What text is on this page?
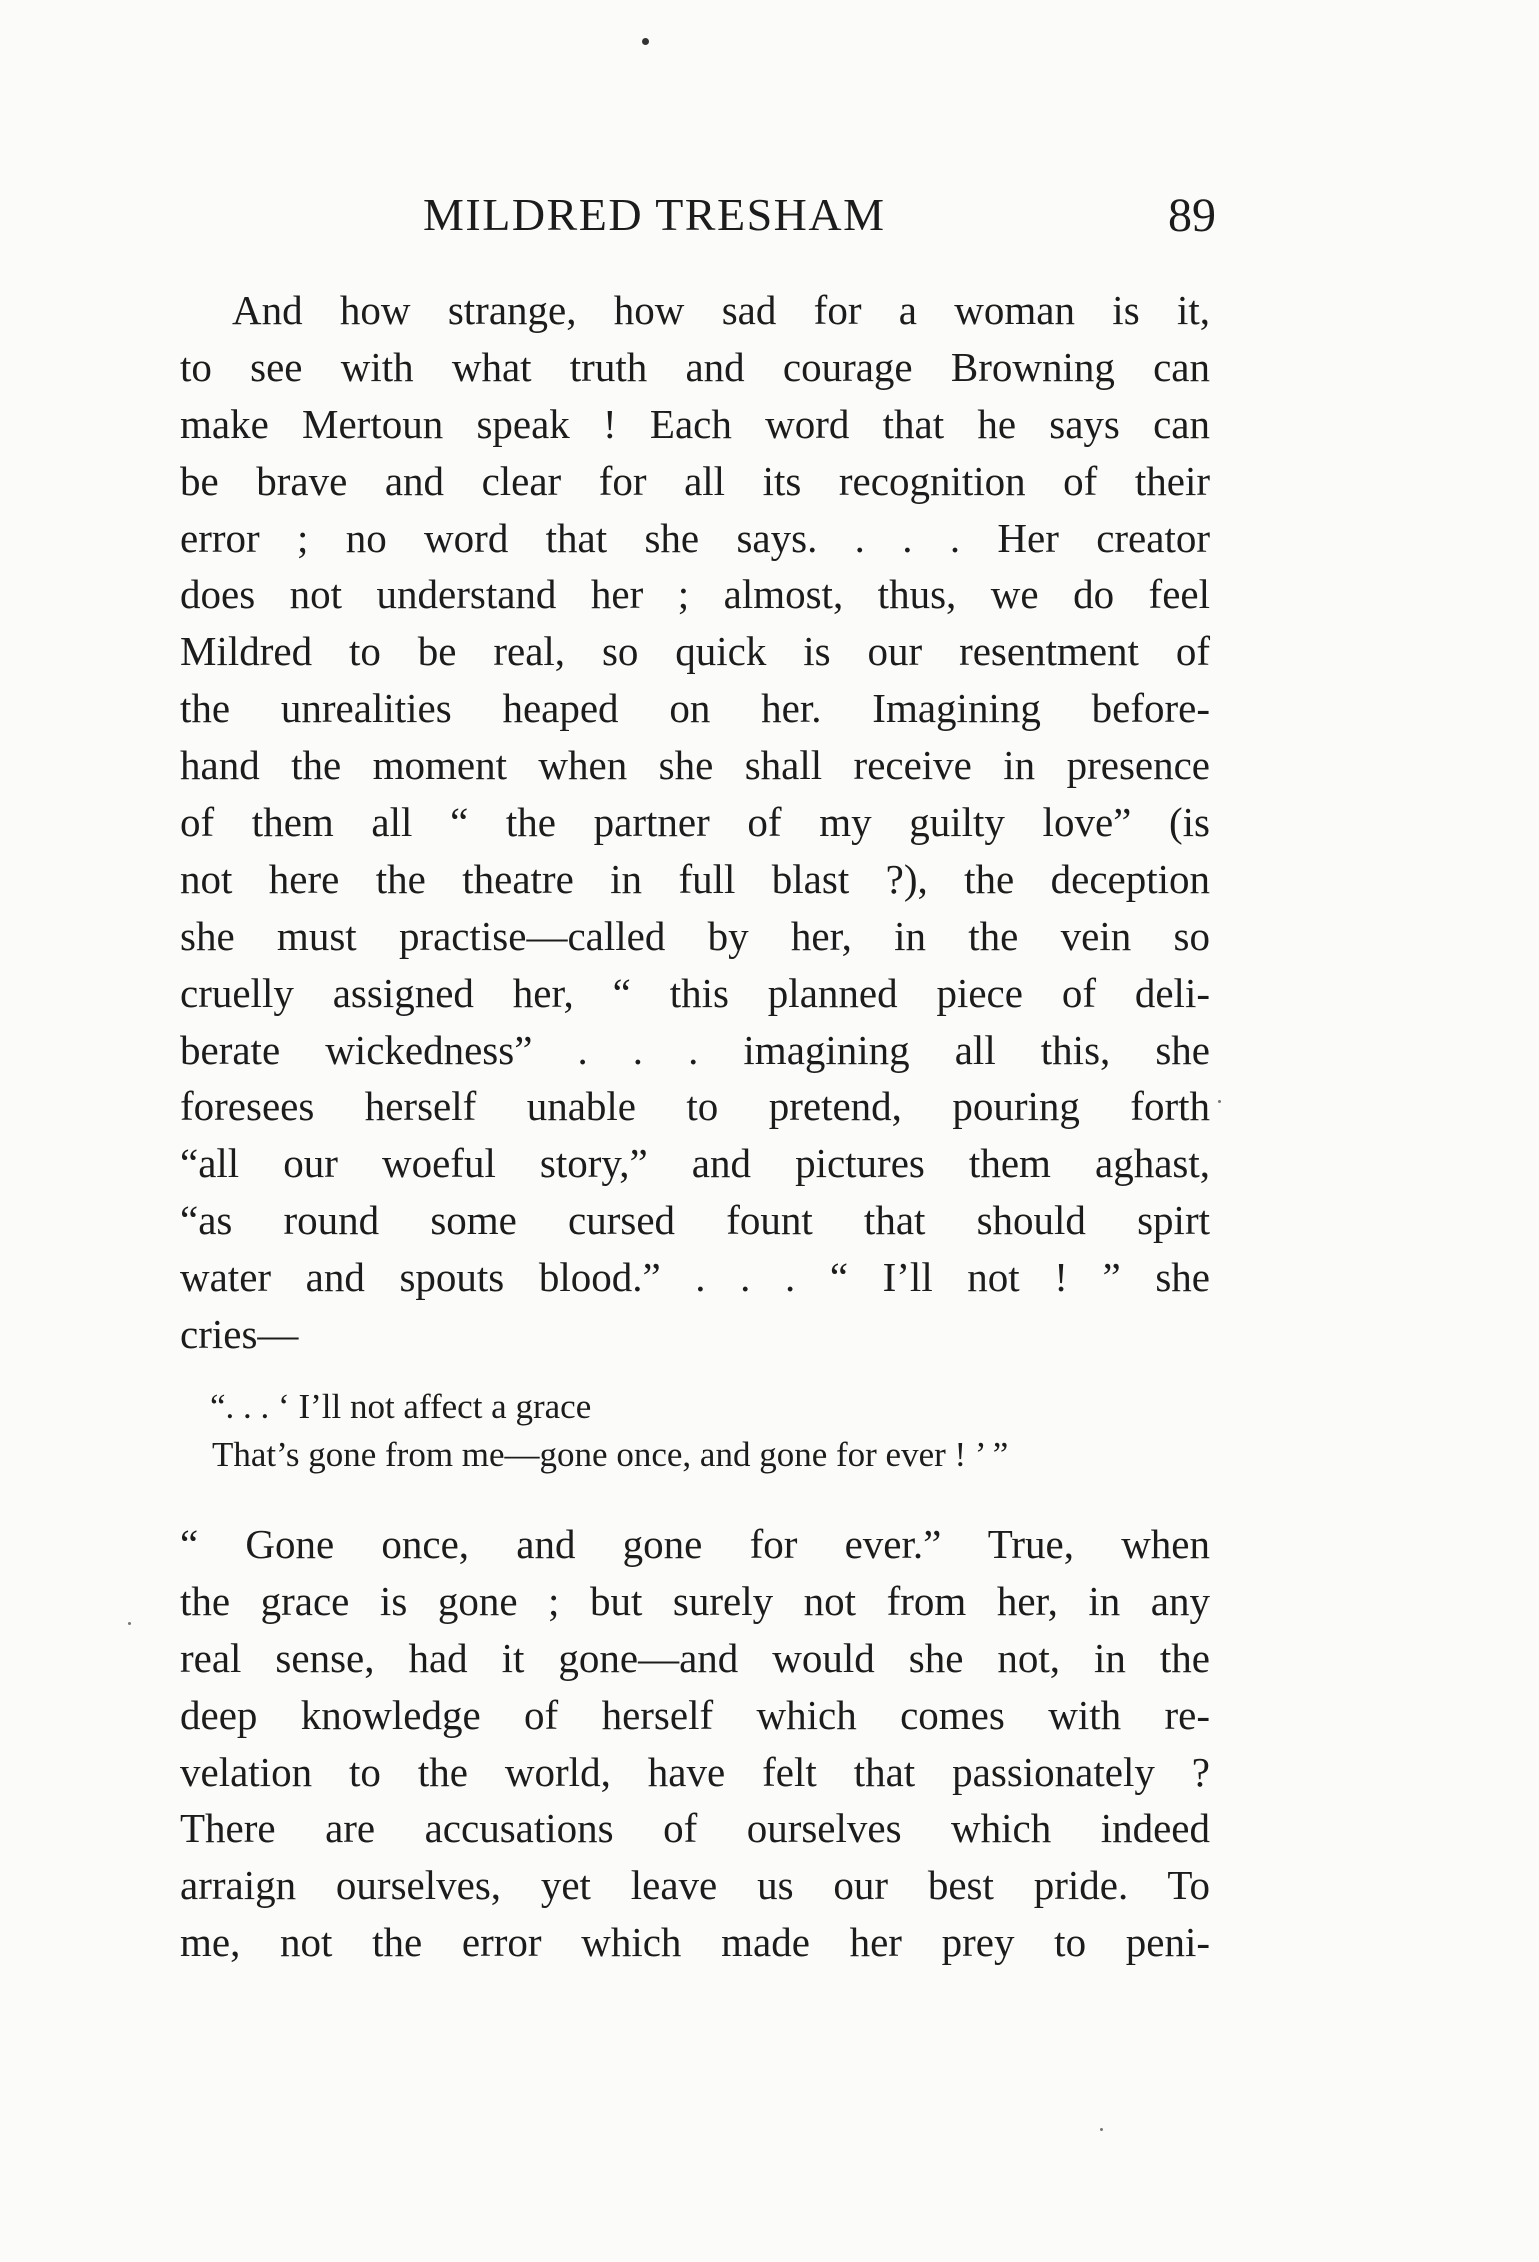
MILDRED TRESHAM	89
And how strange, how sad for a woman is it,
to see with what truth and courage Browning can
make Mertoun speak ! Each word that he says can
be brave and clear for all its recognition of their
error ; no word that she says. . . . Her creator
does not understand her ; almost, thus, we do feel
Mildred to be real, so quick is our resentment of
the unrealities heaped on her. Imagining before-
hand the moment when she shall receive in presence
of them all “ the partner of my guilty love” (is
not here the theatre in full blast ?), the deception
she must practise—called by her, in the vein so
cruelly assigned her, “ this planned piece of deli-
berate wickedness” . . . imagining all this, she
foresees herself unable to pretend, pouring forth
“all our woeful story,” and pictures them aghast,
“as round some cursed fount that should spirt
water and spouts blood.” . . . “ I’ll not ! ” she
cries—
“. . . ‘ I’ll not affect a grace
That’s gone from me—gone once, and gone for ever ! ’ ”
“ Gone once, and gone for ever.” True, when
the grace is gone ; but surely not from her, in any
real sense, had it gone—and would she not, in the
deep knowledge of herself which comes with re-
velation to the world, have felt that passionately ?
There are accusations of ourselves which indeed
arraign ourselves, yet leave us our best pride. To
me, not the error which made her prey to peni-
